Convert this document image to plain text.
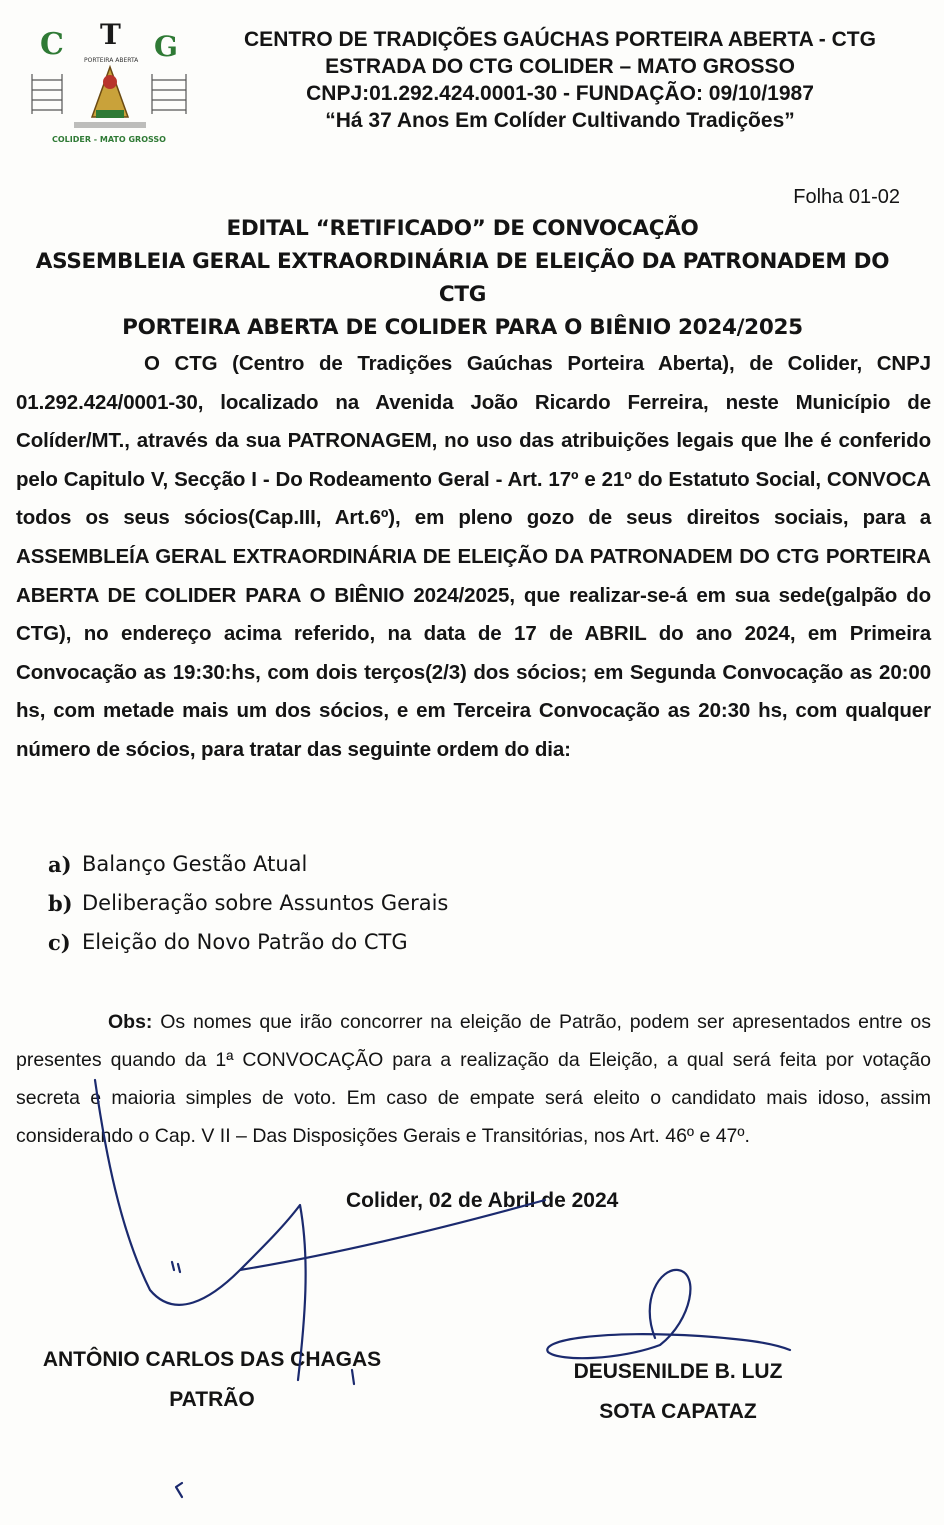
C T G
PORTEIRA ABERTA
COLIDER - MATO GROSSO
CENTRO DE TRADIÇÕES GAÚCHAS PORTEIRA ABERTA - CTG
ESTRADA DO CTG COLIDER – MATO GROSSO
CNPJ:01.292.424.0001-30 - FUNDAÇÃO: 09/10/1987
“Há 37 Anos Em Colíder Cultivando Tradições”
Folha 01-02
EDITAL “RETIFICADO” DE CONVOCAÇÃO
ASSEMBLEIA GERAL EXTRAORDINÁRIA DE ELEIÇÃO DA PATRONADEM DO CTG
PORTEIRA ABERTA DE COLIDER PARA O BIÊNIO 2024/2025

O CTG (Centro de Tradições Gaúchas Porteira Aberta), de Colider, CNPJ 01.292.424/0001-30, localizado na Avenida João Ricardo Ferreira, neste Município de Colíder/MT., através da sua PATRONAGEM, no uso das atribuições legais que lhe é conferido pelo Capitulo V, Secção I - Do Rodeamento Geral - Art. 17º e 21º do Estatuto Social, CONVOCA todos os seus sócios(Cap.III, Art.6º), em pleno gozo de seus direitos sociais, para a ASSEMBLEÍA GERAL EXTRAORDINÁRIA DE ELEIÇÃO DA PATRONADEM DO CTG PORTEIRA ABERTA DE COLIDER PARA O BIÊNIO 2024/2025, que realizar-se-á em sua sede(galpão do CTG), no endereço acima referido, na data de 17 de ABRIL do ano 2024, em Primeira Convocação as 19:30:hs, com dois terços(2/3) dos sócios; em Segunda Convocação as 20:00 hs, com metade mais um dos sócios, e em Terceira Convocação as 20:30 hs, com qualquer número de sócios, para tratar das seguinte ordem do dia:

a) Balanço Gestão Atual
b) Deliberação sobre Assuntos Gerais
c) Eleição do Novo Patrão do CTG

Obs: Os nomes que irão concorrer na eleição de Patrão, podem ser apresentados entre os presentes quando da 1ª CONVOCAÇÃO para a realização da Eleição, a qual será feita por votação secreta e maioria simples de voto. Em caso de empate será eleito o candidato mais idoso, assim considerando o Cap. V II – Das Disposições Gerais e Transitórias, nos Art. 46º e 47º.

Colider, 02 de Abril de 2024
ANTÔNIO CARLOS DAS CHAGAS
PATRÃO
DEUSENILDE B. LUZ
SOTA CAPATAZ
